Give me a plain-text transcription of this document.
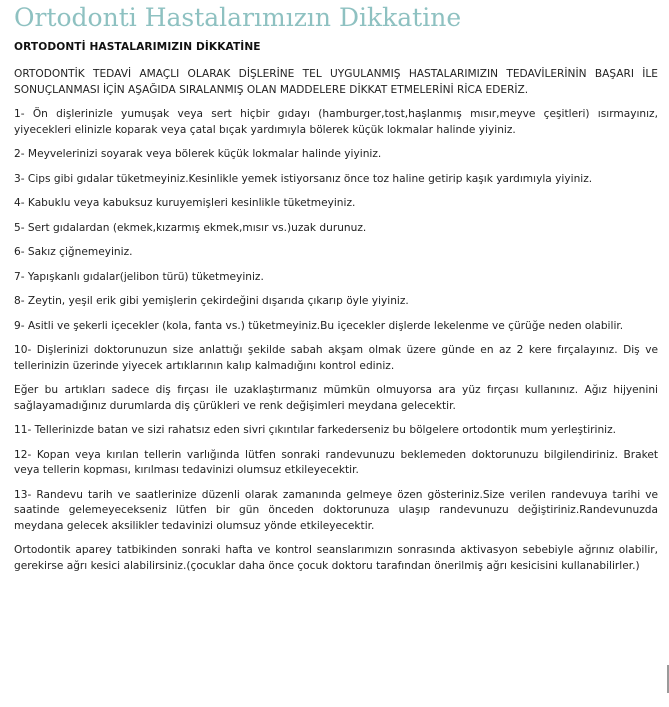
Ortodonti Hastalarımızın Dikkatine
ORTODONTİ HASTALARIMIZIN DİKKATİNE

ORTODONTİK TEDAVİ AMAÇLI OLARAK DİŞLERİNE TEL UYGULANMIŞ HASTALARIMIZIN TEDAVİLERİNİN BAŞARI İLE SONUÇLANMASI İÇİN AŞAĞIDA SIRALANMIŞ OLAN MADDELERE DİKKAT ETMELERİNİ RİCA EDERİZ.

1- Ön dişlerinizle yumuşak veya sert hiçbir gıdayı (hamburger,tost,haşlanmış mısır,meyve çeşitleri) ısırmayınız, yiyecekleri elinizle koparak veya çatal bıçak yardımıyla bölerek küçük lokmalar halinde yiyiniz.

2- Meyvelerinizi soyarak veya bölerek küçük lokmalar halinde yiyiniz.

3- Cips gibi gıdalar tüketmeyiniz.Kesinlikle yemek istiyorsanız önce toz haline getirip kaşık yardımıyla yiyiniz.

4- Kabuklu veya kabuksuz kuruyemişleri kesinlikle tüketmeyiniz.

5- Sert gıdalardan (ekmek,kızarmış ekmek,mısır vs.)uzak durunuz.

6- Sakız çiğnemeyiniz.

7- Yapışkanlı gıdalar(jelibon türü) tüketmeyiniz.

8- Zeytin, yeşil erik gibi yemişlerin çekirdeğini dışarıda çıkarıp öyle yiyiniz.

9- Asitli ve şekerli içecekler (kola, fanta vs.) tüketmeyiniz.Bu içecekler dişlerde lekelenme ve çürüğe neden olabilir.

10- Dişlerinizi doktorunuzun size anlattığı şekilde sabah akşam olmak üzere günde en az 2 kere fırçalayınız. Diş ve tellerinizin üzerinde yiyecek artıklarının kalıp kalmadığını kontrol ediniz.

Eğer bu artıkları sadece diş fırçası ile uzaklaştırmanız mümkün olmuyorsa ara yüz fırçası kullanınız. Ağız hijyenini sağlayamadığınız durumlarda diş çürükleri ve renk değişimleri meydana gelecektir.

11- Tellerinizde batan ve sizi rahatsız eden sivri çıkıntılar farkederseniz bu bölgelere ortodontik mum yerleştiriniz.

12- Kopan veya kırılan tellerin varlığında lütfen sonraki randevunuzu beklemeden doktorunuzu bilgilendiriniz. Braket veya tellerin kopması, kırılması tedavinizi olumsuz etkileyecektir.

13- Randevu tarih ve saatlerinize düzenli olarak zamanında gelmeye özen gösteriniz.Size verilen randevuya tarihi ve saatinde gelemeyecekseniz lütfen bir gün önceden doktorunuza ulaşıp randevunuzu değiştiriniz.Randevunuzda meydana gelecek aksilikler tedavinizi olumsuz yönde etkileyecektir.

Ortodontik aparey tatbikinden sonraki hafta ve kontrol seanslarımızın sonrasında aktivasyon sebebiyle ağrınız olabilir, gerekirse ağrı kesici alabilirsiniz.(çocuklar daha önce çocuk doktoru tarafından önerilmiş ağrı kesicisini kullanabilirler.)
